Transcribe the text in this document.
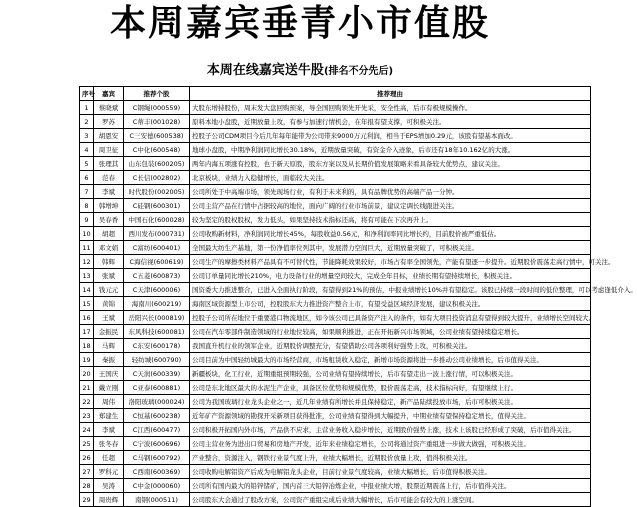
本周嘉宾垂青小市值股
本周在线嘉宾送牛股(排名不分先后)
序号	嘉宾	推荐个股	推荐理由
1	蔡晓斌	C钢绳(000559)	大股东增持股份，周末发大盘回购预案，导全国回购领先开先采，安全性高，后市有极规模操作。
2	罗苏	C蒂丰(001028)	原料本地小盘股，近期放量上攻，有参与加速行情机会，在年报有望支撑，可积极关注。
3	胡恩安	C三安德(600538)	控股子公司CDM项目今后几年每年能带为公司带来9000万元利润，相当于EPS增加0.29元，该股有望基本面改。
4	周卫征	C中化(600548)	地球小盘股，中期净利润同比增长30.18%，近期放量突破，有资金介入迹象，后市还有18年10.162亿的大涨。
5	张理其	山东包装(600205)	两年内海五项涨有控股，也于新天原股，股东方案以及从长期价值发展策略来看具备较大优势点，建议关注。
6	范春	C长信(002802)	北京板块，业绩力入稳健增长，面临较大关注。
7	李斌	时代股份(002005)	公司所处于中高端市场，领先现场行业，有利于未来利的，具有品牌优势的高端产品一分钟。
8	韩增坤	C硅钢(600301)	公司主营产品在行情中占据较高的地位，面向广阔的行业市场前景，建议定调长线跟进关注。
9	吴春香	中国石化(600028)	较为坚定的股权股权，发力低头，如果坚持技术指标还高，将有可能在下次再升上。
10	胡超	西川发布(000731)	公司收购新材料，净利润同比增长45%，每股收益0.56元，和净利润率同比增长约，目前股价被严重低估。
11	邓文娟	C富纺(600401)	全国最大纺生产基地，第一份净值率位列其中，发展潜力空间巨大，近期放量突破了，可积极关注。
12	韩辉	C海信视(600619)	公司生产的摩擦类材料产品具有不可替代性，节能降耗效果较好，市场占有率全国领先，产能有望逐一步提升。近期股价震荡走高行情中，可关注。
13	张斌	C五菱(600873)	公司订单量同比增长210%，电力设备行业的增量空间较大，完成全年目标，业绩长期有望持续增长，积极关注。
14	钱元元	C天津(600006)	国资委大力推进整合，已进入全面执行阶段，有望得到21%的预估，中报业绩增长10%并有望稳定。该股已持续一段时间的低位整理，可以考虑逢低介入。
15	黄锦	海南川(600219)	海南区域资源型上市公司，控股股东大力推进资产整合上市，有望受益区域经济发展，建议积极关注。
16	王斌	岳阳兴长(000819)	控股子公司所在地位于重要港口物流地区，如今该公司已具备资产注入的条件，如有大项目投资消息有望得到较大提升，业绩增长空间较大。
17	金振民	东风科技(600081)	公司在汽车零部件制造领域的行业地位较高，如果顺利推进，正在开拓新兴市场领域，公司业绩有望持续稳定增长。
18	马辉	C东安(600178)	我国直升机行业的领军企业，近期股价调整充分，有望借助公司各项利好强势上攻，可积极关注。
19	秦振	轻纺城(600790)	公司目前为中国轻纺城最大的市场经营商，市场租赁收入稳定，新增市场资源将进一步推动公司业绩增长，后市值得关注。
20	王国庆	C天润(600339)	新疆板块，化工行业，近期重组预期较强，公司业绩有望持续增长，后市有望走出一波上涨行情，可以积极关注。
21	戴立刚	C亚泰(600881)	公司是东北地区最大的水泥生产企业，具备区位优势和规模优势，股价震荡走高，技术指标向好，有望继续上行。
22	周伟	洛阳玻璃(000024)	公司为我国玻璃行业龙头企业之一，近几年业绩有所增长并且保持稳定，新产品陆续投放市场，后市可积极关注。
23	郑建生	C恒基(600238)	近年矿产资源领域的勘探开采新项目获得批准，公司业绩有望得到大幅提升，中期业绩有望保持稳定增长，值得关注。
24	李斌	C江西(600477)	公司积极开拓国内外市场，产品供不应求，主营业务收入稳步增长，近期股价强势上涨，技术上该股已经形成了突破，后市值得关注。
25	张冬春	C宁波(600696)	公司主营业务为进出口贸易和房地产开发，近年来业绩稳定增长，公司将通过资产重组进一步做大做强，可积极关注。
26	任超	C马钢(600792)	产业整合，资源注入，钢铁行业景气度上升，业绩大幅增长，近期股价放量上攻，值得积极关注。
27	罗科元	C西南(600369)	公司收购电解铝资产后成为电解铝龙头企业，目前行业景气度较高，业绩大幅增长，后市值得积极关注。
28	吴涛	C中金(000060)	公司所有国内最大的铅锌锗矿，国内首三大铅锌冶炼企业，中报业绩大增，股票近期震荡上行，后市值得关注。
29	周贵辉	南钢(000511)	公司股东大会通过了股改方案，公司资产重组完成后业绩大幅增长，后市可能会有较大的上涨空间。
